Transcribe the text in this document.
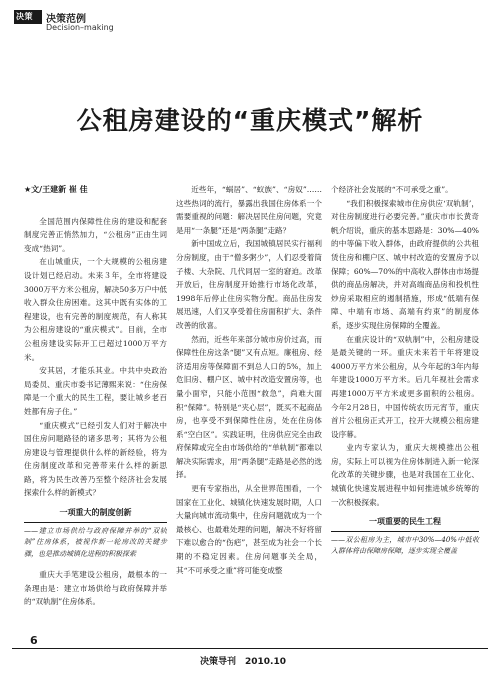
决策 决策范例
Decision–making
公租房建设的“重庆模式”解析

★文/王建新 崔 佳

全国范围内保障性住房的建设和配套制度完善正悄然加力，“公租房”正由生词变成“热词”。

在山城重庆，一个大规模的公租房建设计划已经启动。未来３年，全市将建设3000万平方米公租房，解决50多万户中低收入群众住房困难。这其中既有实体的工程建设，也有完善的制度规范，有人称其为公租房建设的“重庆模式”。目前，全市公租房建设实际开工已超过1000万平方米。

安其居，才能乐其业。中共中央政治局委员、重庆市委书记薄熙来说：“住房保障是一个重大的民生工程，要让城乡老百姓都有房子住。”

“重庆模式”已经引发人们对于解决中国住房问题路径的诸多思考；其将为公租房建设与管理提供什么样的新经验，将为住房制度改革和完善带来什么样的新思路，将为民生改善乃至整个经济社会发展探索什么样的新模式？

一项重大的制度创新

——建立市场供给与政府保障并举的“双轨制”住房体系，被视作新一轮房改的关键步骤，也是推动城镇化进程的积极探索

重庆大手笔建设公租房，最根本的一条理由是：建立市场供给与政府保障并举的“双轨制”住房体系。

近些年，“蜗居”、“蚁族”、“房奴”……这些热词的流行，暴露出我国住房体系一个需要重视的问题：解决居民住房问题，究竟是用“一条腿”还是“两条腿”走路？

新中国成立后，我国城镇居民实行福利分房制度，由于“僧多粥少”，人们忍受着筒子楼、大杂院、几代同居一室的窘迫。改革开放后，住房制度开始推行市场化改革，1998年后停止住房实物分配。商品住房发展迅速，人们又享受着住房面积扩大、条件改善的欣喜。

然而，近些年来部分城市房价过高，而保障性住房这条“腿”又有点短。廉租房、经济适用房等保障面不到总人口的5%，加上危旧房、棚户区、城中村改造安置房等，也量小面窄，只能小范围“救急”，尚难大面积“保障”。特别是“夹心层”，既买不起商品房，也享受不到保障性住房，处在住房体系“空白区”。实践证明，住房供应完全由政府保障或完全由市场供给的“单轨制”都难以解决实际需求，用“两条腿”走路是必然的选择。

更有专家指出，从全世界范围看，一个国家在工业化、城镇化快速发展时期，人口大量向城市流动集中，住房问题就成为一个最核心、也最难处理的问题，解决不好将留下难以愈合的“伤疤”，甚至成为社会一个长期的不稳定因素。住房问题事关全局，其“不可承受之重”将可能变成整

个经济社会发展的“不可承受之重”。

“我们积极探索城市住房供应‘双轨制’，对住房制度进行必要完善。”重庆市市长黄奇帆介绍说，重庆的基本思路是：30%—40%的中等偏下收入群体，由政府提供的公共租赁住房和棚户区、城中村改造的安置房予以保障；60%—70%的中高收入群体由市场提供的商品房解决，并对高端商品房和投机性炒房采取相应的遏制措施，形成“低端有保障、中端有市场、高端有约束”的制度体系，逐步实现住房保障的全覆盖。

在重庆设计的“双轨制”中，公租房建设是最关键的一环。重庆未来若干年将建设4000万平方米公租房，从今年起的3年内每年建设1000万平方米。后几年视社会需求再建1000万平方米或更多面积的公租房。今年2月28日，中国传统农历元宵节，重庆首片公租房正式开工，拉开大规模公租房建设序幕。

业内专家认为，重庆大规模推出公租房，实际上可以视为住房体制进入新一轮深化改革的关键步骤，也是对我国在工业化、城镇化快速发展进程中如何推进城乡统筹的一次积极探索。

一项重要的民生工程

——双公租房为主，城市中30%—40%中低收入群体将由保障房保障，逐步实现全覆盖

6
决策导刊　2010.10
